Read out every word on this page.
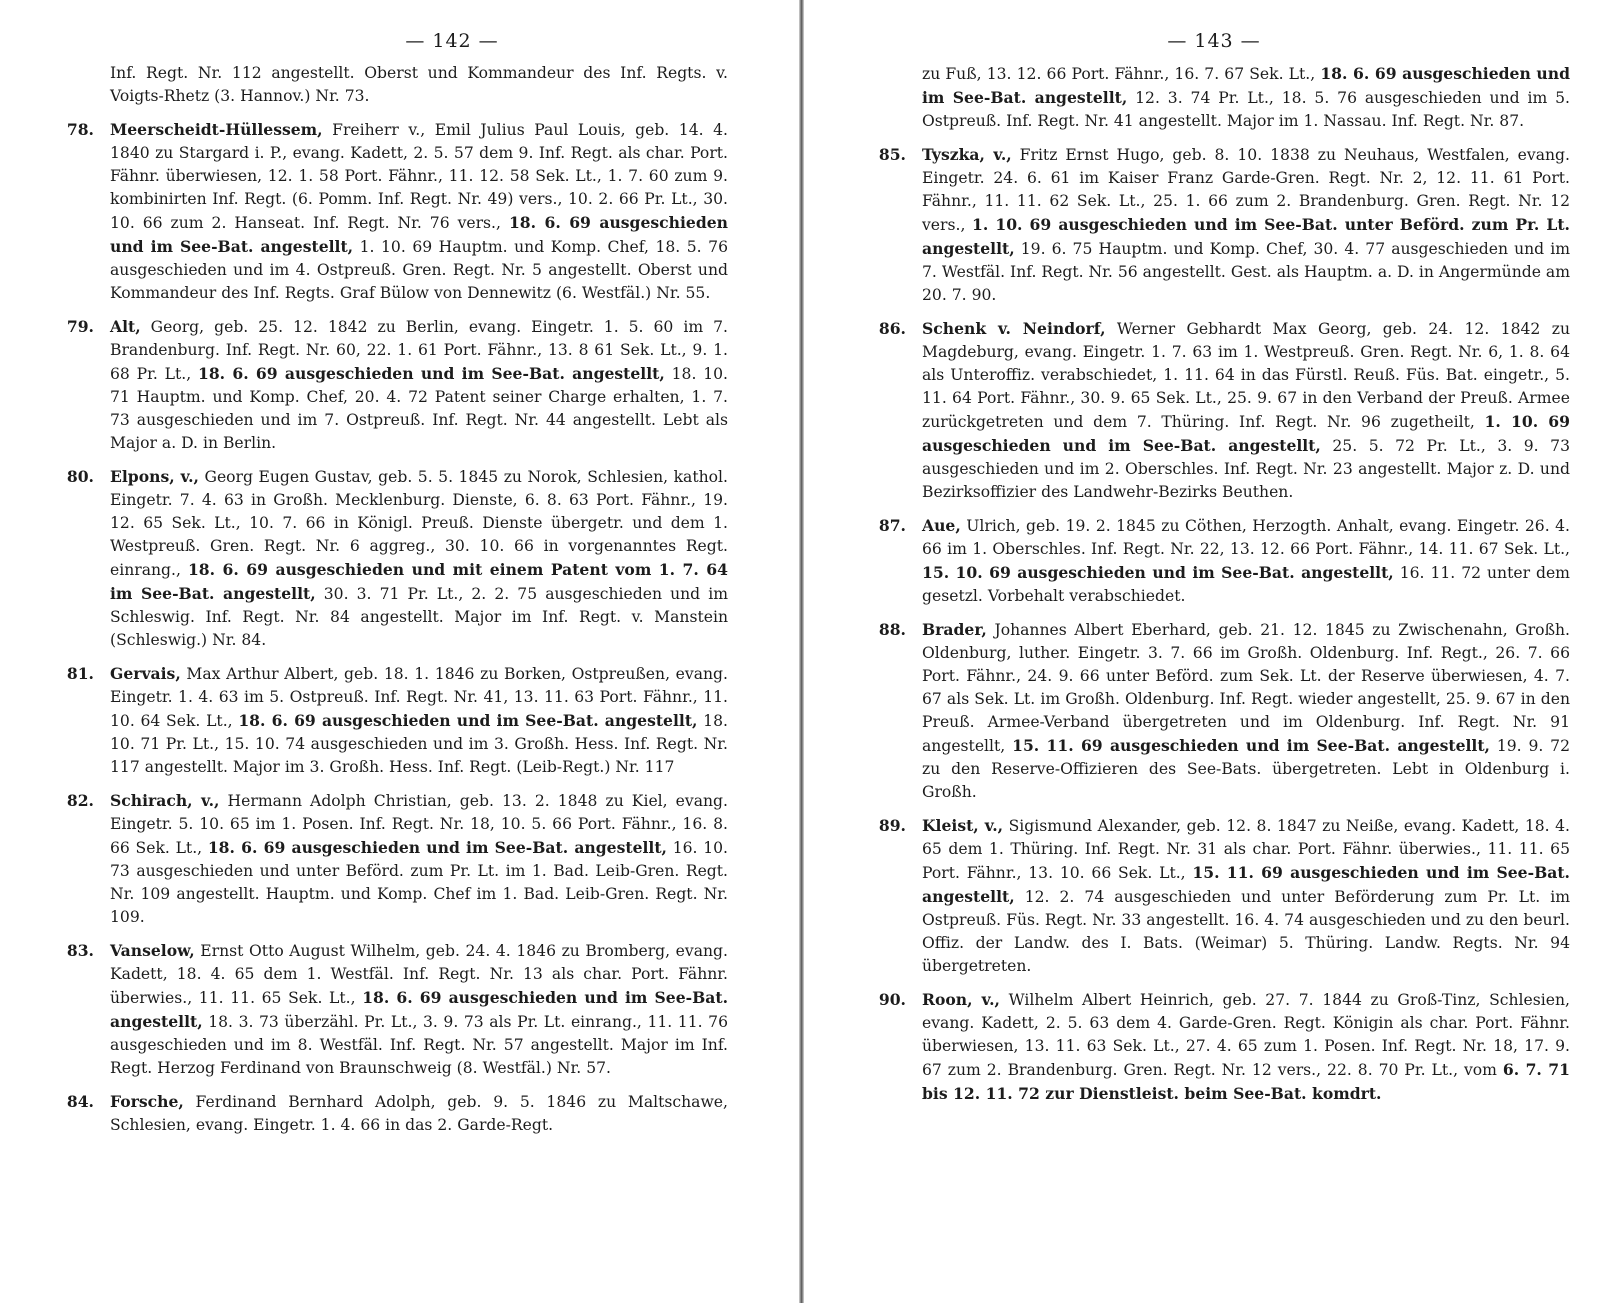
— 142 —
Inf. Regt. Nr. 112 angestellt. Oberst und Kommandeur des Inf. Regts. v. Voigts-Rhetz (3. Hannov.) Nr. 73.
78. Meerscheidt-Hüllessem, Freiherr v., Emil Julius Paul Louis, geb. 14. 4. 1840 zu Stargard i. P., evang. Kadett, 2. 5. 57 dem 9. Inf. Regt. als char. Port. Fähnr. überwiesen, 12. 1. 58 Port. Fähnr., 11. 12. 58 Sek. Lt., 1. 7. 60 zum 9. kombinirten Inf. Regt. (6. Pomm. Inf. Regt. Nr. 49) vers., 10. 2. 66 Pr. Lt., 30. 10. 66 zum 2. Hanseat. Inf. Regt. Nr. 76 vers., 18. 6. 69 ausgeschieden und im See-Bat. angestellt, 1. 10. 69 Hauptm. und Komp. Chef, 18. 5. 76 ausgeschieden und im 4. Ostpreuß. Gren. Regt. Nr. 5 angestellt. Oberst und Kommandeur des Inf. Regts. Graf Bülow von Dennewitz (6. Westfäl.) Nr. 55.
79. Alt, Georg, geb. 25. 12. 1842 zu Berlin, evang. Eingetr. 1. 5. 60 im 7. Brandenburg. Inf. Regt. Nr. 60, 22. 1. 61 Port. Fähnr., 13. 8 61 Sek. Lt., 9. 1. 68 Pr. Lt., 18. 6. 69 ausgeschieden und im See-Bat. angestellt, 18. 10. 71 Hauptm. und Komp. Chef, 20. 4. 72 Patent seiner Charge erhalten, 1. 7. 73 ausgeschieden und im 7. Ostpreuß. Inf. Regt. Nr. 44 angestellt. Lebt als Major a. D. in Berlin.
80. Elpons, v., Georg Eugen Gustav, geb. 5. 5. 1845 zu Norok, Schlesien, kathol. Eingetr. 7. 4. 63 in Großh. Mecklenburg. Dienste, 6. 8. 63 Port. Fähnr., 19. 12. 65 Sek. Lt., 10. 7. 66 in Königl. Preuß. Dienste übergetr. und dem 1. Westpreuß. Gren. Regt. Nr. 6 aggreg., 30. 10. 66 in vorgenanntes Regt. einrang., 18. 6. 69 ausgeschieden und mit einem Patent vom 1. 7. 64 im See-Bat. angestellt, 30. 3. 71 Pr. Lt., 2. 2. 75 ausgeschieden und im Schleswig. Inf. Regt. Nr. 84 angestellt. Major im Inf. Regt. v. Manstein (Schleswig.) Nr. 84.
81. Gervais, Max Arthur Albert, geb. 18. 1. 1846 zu Borken, Ostpreußen, evang. Eingetr. 1. 4. 63 im 5. Ostpreuß. Inf. Regt. Nr. 41, 13. 11. 63 Port. Fähnr., 11. 10. 64 Sek. Lt., 18. 6. 69 ausgeschieden und im See-Bat. angestellt, 18. 10. 71 Pr. Lt., 15. 10. 74 ausgeschieden und im 3. Großh. Hess. Inf. Regt. Nr. 117 angestellt. Major im 3. Großh. Hess. Inf. Regt. (Leib-Regt.) Nr. 117
82. Schirach, v., Hermann Adolph Christian, geb. 13. 2. 1848 zu Kiel, evang. Eingetr. 5. 10. 65 im 1. Posen. Inf. Regt. Nr. 18, 10. 5. 66 Port. Fähnr., 16. 8. 66 Sek. Lt., 18. 6. 69 ausgeschieden und im See-Bat. angestellt, 16. 10. 73 ausgeschieden und unter Beförd. zum Pr. Lt. im 1. Bad. Leib-Gren. Regt. Nr. 109 angestellt. Hauptm. und Komp. Chef im 1. Bad. Leib-Gren. Regt. Nr. 109.
83. Vanselow, Ernst Otto August Wilhelm, geb. 24. 4. 1846 zu Bromberg, evang. Kadett, 18. 4. 65 dem 1. Westfäl. Inf. Regt. Nr. 13 als char. Port. Fähnr. überwies., 11. 11. 65 Sek. Lt., 18. 6. 69 ausgeschieden und im See-Bat. angestellt, 18. 3. 73 überzähl. Pr. Lt., 3. 9. 73 als Pr. Lt. einrang., 11. 11. 76 ausgeschieden und im 8. Westfäl. Inf. Regt. Nr. 57 angestellt. Major im Inf. Regt. Herzog Ferdinand von Braunschweig (8. Westfäl.) Nr. 57.
84. Forsche, Ferdinand Bernhard Adolph, geb. 9. 5. 1846 zu Maltschawe, Schlesien, evang. Eingetr. 1. 4. 66 in das 2. Garde-Regt.
— 143 —
zu Fuß, 13. 12. 66 Port. Fähnr., 16. 7. 67 Sek. Lt., 18. 6. 69 ausgeschieden und im See-Bat. angestellt, 12. 3. 74 Pr. Lt., 18. 5. 76 ausgeschieden und im 5. Ostpreuß. Inf. Regt. Nr. 41 angestellt. Major im 1. Nassau. Inf. Regt. Nr. 87.
85. Tyszka, v., Fritz Ernst Hugo, geb. 8. 10. 1838 zu Neuhaus, Westfalen, evang. Eingetr. 24. 6. 61 im Kaiser Franz Garde-Gren. Regt. Nr. 2, 12. 11. 61 Port. Fähnr., 11. 11. 62 Sek. Lt., 25. 1. 66 zum 2. Brandenburg. Gren. Regt. Nr. 12 vers., 1. 10. 69 ausgeschieden und im See-Bat. unter Beförd. zum Pr. Lt. angestellt, 19. 6. 75 Hauptm. und Komp. Chef, 30. 4. 77 ausgeschieden und im 7. Westfäl. Inf. Regt. Nr. 56 angestellt. Gest. als Hauptm. a. D. in Angermünde am 20. 7. 90.
86. Schenk v. Neindorf, Werner Gebhardt Max Georg, geb. 24. 12. 1842 zu Magdeburg, evang. Eingetr. 1. 7. 63 im 1. Westpreuß. Gren. Regt. Nr. 6, 1. 8. 64 als Unteroffiz. verabschiedet, 1. 11. 64 in das Fürstl. Reuß. Füs. Bat. eingetr., 5. 11. 64 Port. Fähnr., 30. 9. 65 Sek. Lt., 25. 9. 67 in den Verband der Preuß. Armee zurückgetreten und dem 7. Thüring. Inf. Regt. Nr. 96 zugetheilt, 1. 10. 69 ausgeschieden und im See-Bat. angestellt, 25. 5. 72 Pr. Lt., 3. 9. 73 ausgeschieden und im 2. Oberschles. Inf. Regt. Nr. 23 angestellt. Major z. D. und Bezirksoffizier des Landwehr-Bezirks Beuthen.
87. Aue, Ulrich, geb. 19. 2. 1845 zu Cöthen, Herzogth. Anhalt, evang. Eingetr. 26. 4. 66 im 1. Oberschles. Inf. Regt. Nr. 22, 13. 12. 66 Port. Fähnr., 14. 11. 67 Sek. Lt., 15. 10. 69 ausgeschieden und im See-Bat. angestellt, 16. 11. 72 unter dem gesetzl. Vorbehalt verabschiedet.
88. Brader, Johannes Albert Eberhard, geb. 21. 12. 1845 zu Zwischenahn, Großh. Oldenburg, luther. Eingetr. 3. 7. 66 im Großh. Oldenburg. Inf. Regt., 26. 7. 66 Port. Fähnr., 24. 9. 66 unter Beförd. zum Sek. Lt. der Reserve überwiesen, 4. 7. 67 als Sek. Lt. im Großh. Oldenburg. Inf. Regt. wieder angestellt, 25. 9. 67 in den Preuß. Armee-Verband übergetreten und im Oldenburg. Inf. Regt. Nr. 91 angestellt, 15. 11. 69 ausgeschieden und im See-Bat. angestellt, 19. 9. 72 zu den Reserve-Offizieren des See-Bats. übergetreten. Lebt in Oldenburg i. Großh.
89. Kleist, v., Sigismund Alexander, geb. 12. 8. 1847 zu Neiße, evang. Kadett, 18. 4. 65 dem 1. Thüring. Inf. Regt. Nr. 31 als char. Port. Fähnr. überwies., 11. 11. 65 Port. Fähnr., 13. 10. 66 Sek. Lt., 15. 11. 69 ausgeschieden und im See-Bat. angestellt, 12. 2. 74 ausgeschieden und unter Beförderung zum Pr. Lt. im Ostpreuß. Füs. Regt. Nr. 33 angestellt. 16. 4. 74 ausgeschieden und zu den beurl. Offiz. der Landw. des I. Bats. (Weimar) 5. Thüring. Landw. Regts. Nr. 94 übergetreten.
90. Roon, v., Wilhelm Albert Heinrich, geb. 27. 7. 1844 zu Groß-Tinz, Schlesien, evang. Kadett, 2. 5. 63 dem 4. Garde-Gren. Regt. Königin als char. Port. Fähnr. überwiesen, 13. 11. 63 Sek. Lt., 27. 4. 65 zum 1. Posen. Inf. Regt. Nr. 18, 17. 9. 67 zum 2. Brandenburg. Gren. Regt. Nr. 12 vers., 22. 8. 70 Pr. Lt., vom 6. 7. 71 bis 12. 11. 72 zur Dienstleist. beim See-Bat. komdrt.
